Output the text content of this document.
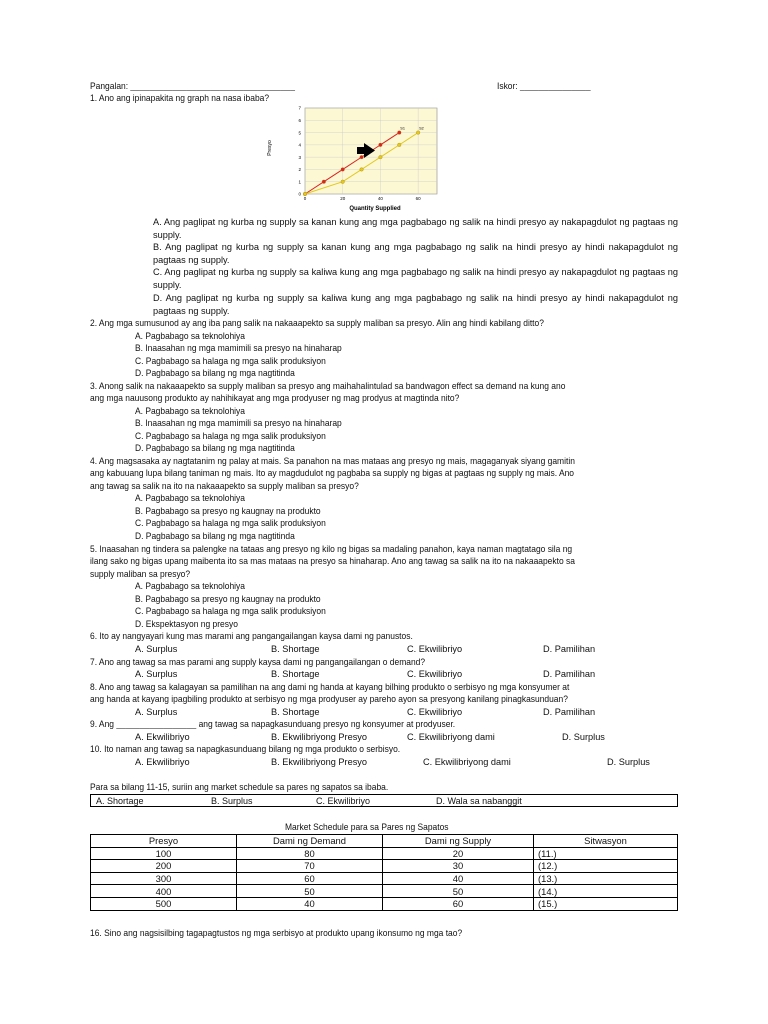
Pangalan: ___________________________________	Iskor: _______________
1. Ano ang ipinapakita ng graph na nasa ibaba?
0
1
2
3
4
5
6
7
0	20	40	60
S1	S2
Presyo
Quantity Supplied
A. Ang paglipat ng kurba ng supply sa kanan kung ang mga pagbabago ng salik na hindi presyo ay nakapagdulot ng pagtaas ng supply.
B. Ang paglipat ng kurba ng supply sa kanan kung ang mga pagbabago ng salik na hindi presyo ay hindi nakapagdulot ng pagtaas ng supply.
C. Ang paglipat ng kurba ng supply sa kaliwa kung ang mga pagbabago ng salik na hindi presyo ay nakapagdulot ng pagtaas ng supply.
D. Ang paglipat ng kurba ng supply sa kaliwa kung ang mga pagbabago ng salik na hindi presyo ay hindi nakapagdulot ng pagtaas ng supply.
2. Ang mga sumusunod ay ang iba pang salik na nakaaapekto sa supply maliban sa presyo. Alin ang hindi kabilang ditto?
A. Pagbabago sa teknolohiya
B. Inaasahan ng mga mamimili sa presyo na hinaharap
C. Pagbabago sa halaga ng mga salik produksiyon
D. Pagbabago sa bilang ng mga nagtitinda
3. Anong salik na nakaaapekto sa supply maliban sa presyo ang maihahalintulad sa bandwagon effect sa demand na kung ano
ang mga nauusong produkto ay nahihikayat ang mga prodyuser ng mag prodyus at magtinda nito?
A. Pagbabago sa teknolohiya
B. Inaasahan ng mga mamimili sa presyo na hinaharap
C. Pagbabago sa halaga ng mga salik produksiyon
D. Pagbabago sa bilang ng mga nagtitinda
4. Ang magsasaka ay nagtatanim ng palay at mais. Sa panahon na mas mataas ang presyo ng mais, magaganyak siyang gamitin
ang kabuuang lupa bilang taniman ng mais. Ito ay magdudulot ng pagbaba sa supply ng bigas at pagtaas ng supply ng mais. Ano
ang tawag sa salik na ito na nakaaapekto sa supply maliban sa presyo?
A. Pagbabago sa teknolohiya
B. Pagbabago sa presyo ng kaugnay na produkto
C. Pagbabago sa halaga ng mga salik produksiyon
D. Pagbabago sa bilang ng mga nagtitinda
5. Inaasahan ng tindera sa palengke na tataas ang presyo ng kilo ng bigas sa madaling panahon, kaya naman magtatago sila ng
ilang sako ng bigas upang maibenta ito sa mas mataas na presyo sa hinaharap. Ano ang tawag sa salik na ito na nakaaapekto sa
supply maliban sa presyo?
A. Pagbabago sa teknolohiya
B. Pagbabago sa presyo ng kaugnay na produkto
C. Pagbabago sa halaga ng mga salik produksiyon
D. Ekspektasyon ng presyo
6. Ito ay nangyayari kung mas marami ang pangangailangan kaysa dami ng panustos.
A. Surplus	B. Shortage	C. Ekwilibriyo	D. Pamilihan
7. Ano ang tawag sa mas parami ang supply kaysa dami ng pangangailangan o demand?
A. Surplus	B. Shortage	C. Ekwilibriyo	D. Pamilihan
8. Ano ang tawag sa kalagayan sa pamilihan na ang dami ng handa at kayang bilhing produkto o serbisyo ng mga konsyumer at
ang handa at kayang ipagbiling produkto at serbisyo ng mga prodyuser ay pareho ayon sa presyong kanilang pinagkasunduan?
A. Surplus	B. Shortage	C. Ekwilibriyo	D. Pamilihan
9. Ang _________________ ang tawag sa napagkasunduang presyo ng konsyumer at prodyuser.
A. Ekwilibriyo	B. Ekwilibriyong Presyo	C. Ekwilibriyong dami	D. Surplus
10. Ito naman ang tawag sa napagkasunduang bilang ng mga produkto o serbisyo.
A. Ekwilibriyo	B. Ekwilibriyong Presyo	C. Ekwilibriyong dami	D. Surplus
Para sa bilang 11-15, suriin ang market schedule sa pares ng sapatos sa ibaba.
A. Shortage	B. Surplus	C. Ekwilibriyo	D. Wala sa nabanggit
Market Schedule para sa Pares ng Sapatos
Presyo	Dami ng Demand	Dami ng Supply	Sitwasyon
100	80	20	(11.)
200	70	30	(12.)
300	60	40	(13.)
400	50	50	(14.)
500	40	60	(15.)
16. Sino ang nagsisilbing tagapagtustos ng mga serbisyo at produkto upang ikonsumo ng mga tao?
